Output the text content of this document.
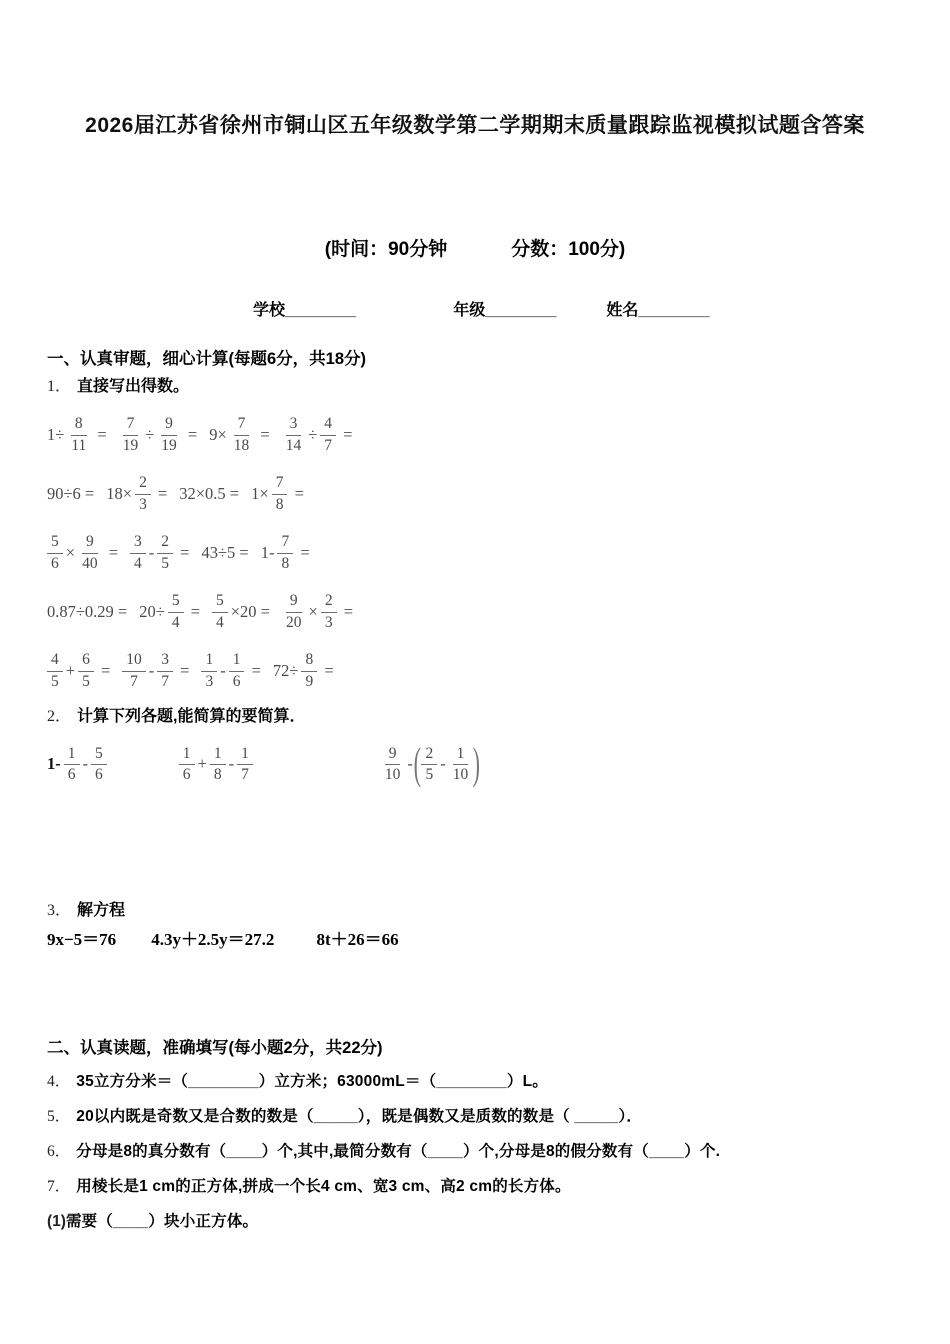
2026届江苏省徐州市铜山区五年级数学第二学期期末质量跟踪监视模拟试题含答案
(时间：90分钟	分数：100分)
学校________	年级________	姓名________
一、认真审题，细心计算(每题6分，共18分)
1． 直接写出得数。
$1\div \frac{8}{11} = \frac{7}{19} \div \frac{9}{19} = 9\times \frac{7}{18} = \frac{3}{14} \div \frac{4}{7}$ =
$90\div 6 = 18\times \frac{2}{3} = 32\times 0.5 = 1\times \frac{7}{8}$ =
$\frac{5}{6} \times \frac{9}{40} = \frac{3}{4} - \frac{2}{5} = 43\div 5 = 1- \frac{7}{8}$ =
$0.87\div 0.29 = 20\div \frac{5}{4} = \frac{5}{4} \times 20 = \frac{9}{20} \times \frac{2}{3}$ =
$\frac{4}{5} + \frac{6}{5} = \frac{10}{7} - \frac{3}{7} = \frac{1}{3} - \frac{1}{6} = 72\div \frac{8}{9}$ =
2． 计算下列各题,能简算的要简算．
$1- \frac{1}{6} - \frac{5}{6}$	$\frac{1}{6} + \frac{1}{8} - \frac{1}{7}$	$\frac{9}{10}$ - ( $\frac{2}{5} - \frac{1}{10}$ )
3． 解方程
9x−5＝76 4.3y＋2.5y＝27.2 8t＋26＝66
二、认真读题，准确填写(每小题2分，共22分)
4． 35立方分米＝（________）立方米；63000mL＝（________）L。
5． 20以内既是奇数又是合数的数是（_____），既是偶数又是质数的数是（ _____）．
6． 分母是8的真分数有（____）个,其中,最简分数有（____）个,分母是8的假分数有（____）个.
7． 用棱长是1 cm的正方体,拼成一个长4 cm、宽3 cm、高2 cm的长方体。
(1) 需要（____）块小正方体。
